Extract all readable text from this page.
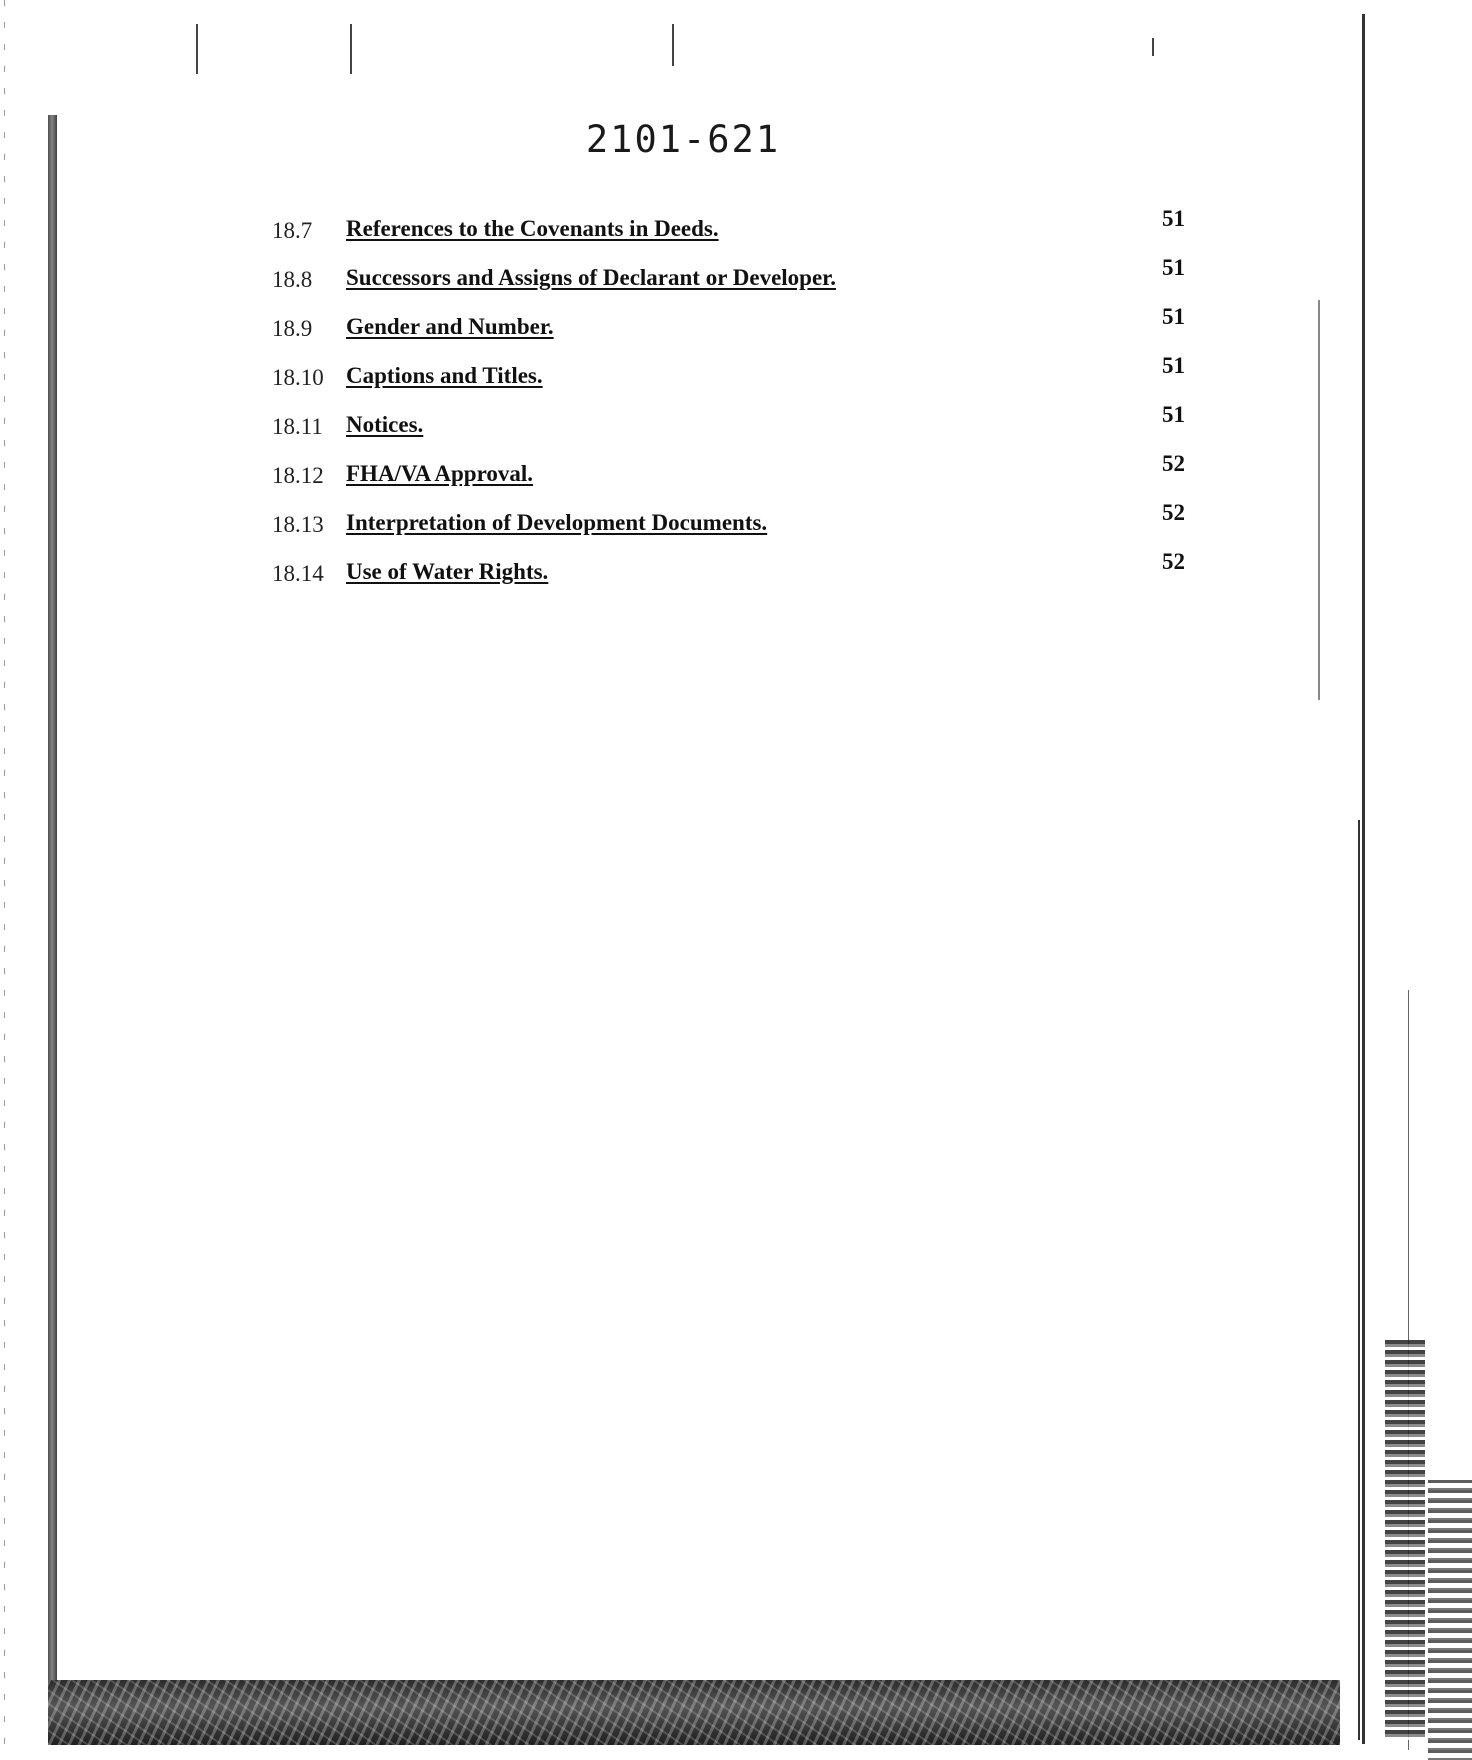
2101-621
18.7 References to the Covenants in Deeds.	51
18.8 Successors and Assigns of Declarant or Developer.	51
18.9 Gender and Number.	51
18.10 Captions and Titles.	51
18.11 Notices.	51
18.12 FHA/VA Approval.	52
18.13 Interpretation of Development Documents.	52
18.14 Use of Water Rights.	52
